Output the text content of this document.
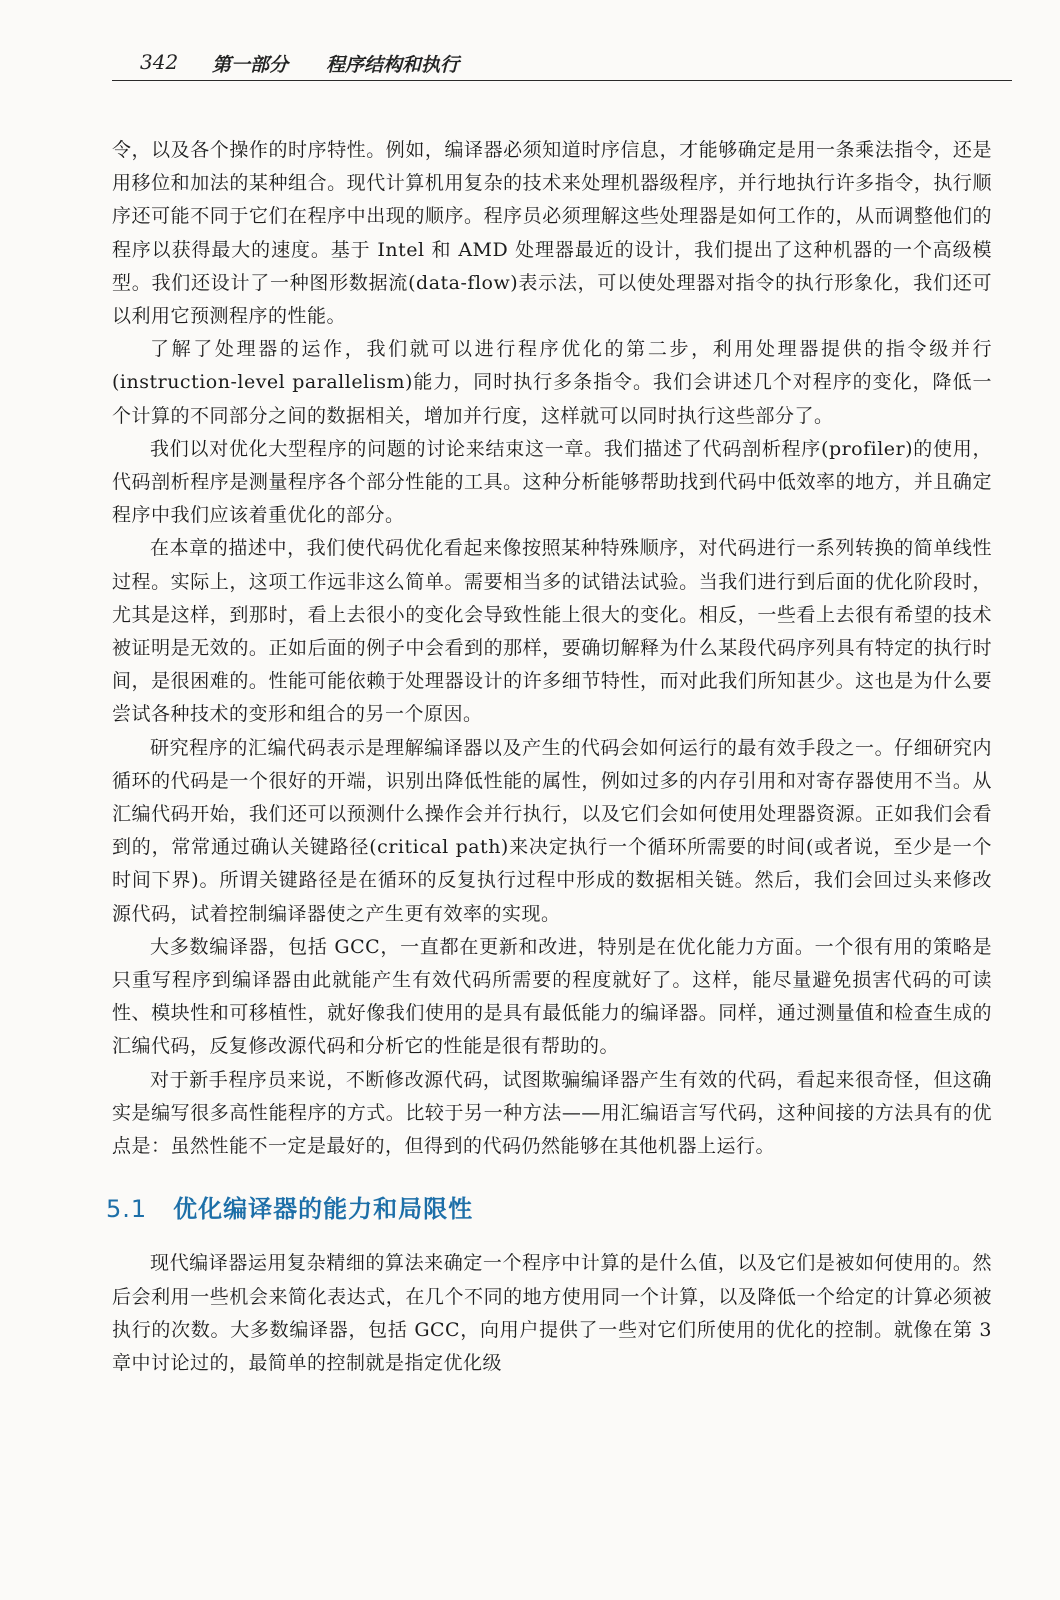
342 第一部分 程序结构和执行

令，以及各个操作的时序特性。例如，编译器必须知道时序信息，才能够确定是用一条乘法指令，还是用移位和加法的某种组合。现代计算机用复杂的技术来处理机器级程序，并行地执行许多指令，执行顺序还可能不同于它们在程序中出现的顺序。程序员必须理解这些处理器是如何工作的，从而调整他们的程序以获得最大的速度。基于 Intel 和 AMD 处理器最近的设计，我们提出了这种机器的一个高级模型。我们还设计了一种图形数据流(data-flow)表示法，可以使处理器对指令的执行形象化，我们还可以利用它预测程序的性能。

了解了处理器的运作，我们就可以进行程序优化的第二步，利用处理器提供的指令级并行(instruction-level parallelism)能力，同时执行多条指令。我们会讲述几个对程序的变化，降低一个计算的不同部分之间的数据相关，增加并行度，这样就可以同时执行这些部分了。

我们以对优化大型程序的问题的讨论来结束这一章。我们描述了代码剖析程序(profiler)的使用，代码剖析程序是测量程序各个部分性能的工具。这种分析能够帮助找到代码中低效率的地方，并且确定程序中我们应该着重优化的部分。

在本章的描述中，我们使代码优化看起来像按照某种特殊顺序，对代码进行一系列转换的简单线性过程。实际上，这项工作远非这么简单。需要相当多的试错法试验。当我们进行到后面的优化阶段时，尤其是这样，到那时，看上去很小的变化会导致性能上很大的变化。相反，一些看上去很有希望的技术被证明是无效的。正如后面的例子中会看到的那样，要确切解释为什么某段代码序列具有特定的执行时间，是很困难的。性能可能依赖于处理器设计的许多细节特性，而对此我们所知甚少。这也是为什么要尝试各种技术的变形和组合的另一个原因。

研究程序的汇编代码表示是理解编译器以及产生的代码会如何运行的最有效手段之一。仔细研究内循环的代码是一个很好的开端，识别出降低性能的属性，例如过多的内存引用和对寄存器使用不当。从汇编代码开始，我们还可以预测什么操作会并行执行，以及它们会如何使用处理器资源。正如我们会看到的，常常通过确认关键路径(critical path)来决定执行一个循环所需要的时间(或者说，至少是一个时间下界)。所谓关键路径是在循环的反复执行过程中形成的数据相关链。然后，我们会回过头来修改源代码，试着控制编译器使之产生更有效率的实现。

大多数编译器，包括 GCC，一直都在更新和改进，特别是在优化能力方面。一个很有用的策略是只重写程序到编译器由此就能产生有效代码所需要的程度就好了。这样，能尽量避免损害代码的可读性、模块性和可移植性，就好像我们使用的是具有最低能力的编译器。同样，通过测量值和检查生成的汇编代码，反复修改源代码和分析它的性能是很有帮助的。

对于新手程序员来说，不断修改源代码，试图欺骗编译器产生有效的代码，看起来很奇怪，但这确实是编写很多高性能程序的方式。比较于另一种方法——用汇编语言写代码，这种间接的方法具有的优点是：虽然性能不一定是最好的，但得到的代码仍然能够在其他机器上运行。

5.1 优化编译器的能力和局限性

现代编译器运用复杂精细的算法来确定一个程序中计算的是什么值，以及它们是被如何使用的。然后会利用一些机会来简化表达式，在几个不同的地方使用同一个计算，以及降低一个给定的计算必须被执行的次数。大多数编译器，包括 GCC，向用户提供了一些对它们所使用的优化的控制。就像在第 3 章中讨论过的，最简单的控制就是指定优化级
